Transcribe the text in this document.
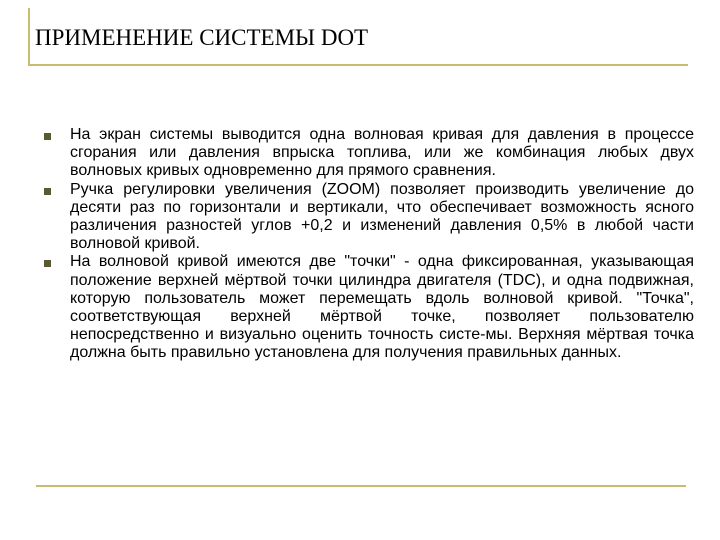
ПРИМЕНЕНИЕ СИСТЕМЫ DOT
На экран системы выводится одна волновая кривая для давления в процессе сгорания или давления впрыска топлива, или же комбинация любых двух волновых кривых одновременно для прямого сравнения.
Ручка регулировки увеличения (ZOOM) позволяет производить увеличение до десяти раз по горизонтали и вертикали, что обеспечивает возможность ясного различения разностей углов +0,2 и изменений давления 0,5% в любой части волновой кривой.
На волновой кривой имеются две "точки" - одна фиксированная, указывающая положение верхней мёртвой точки цилиндра двигателя (TDC), и одна подвижная, которую пользователь может перемещать вдоль волновой кривой. "Точка", соответствующая верхней мёртвой точке, позволяет пользователю непосредственно и визуально оценить точность систе-мы. Верхняя мёртвая точка должна быть правильно установлена для получения правильных данных.
